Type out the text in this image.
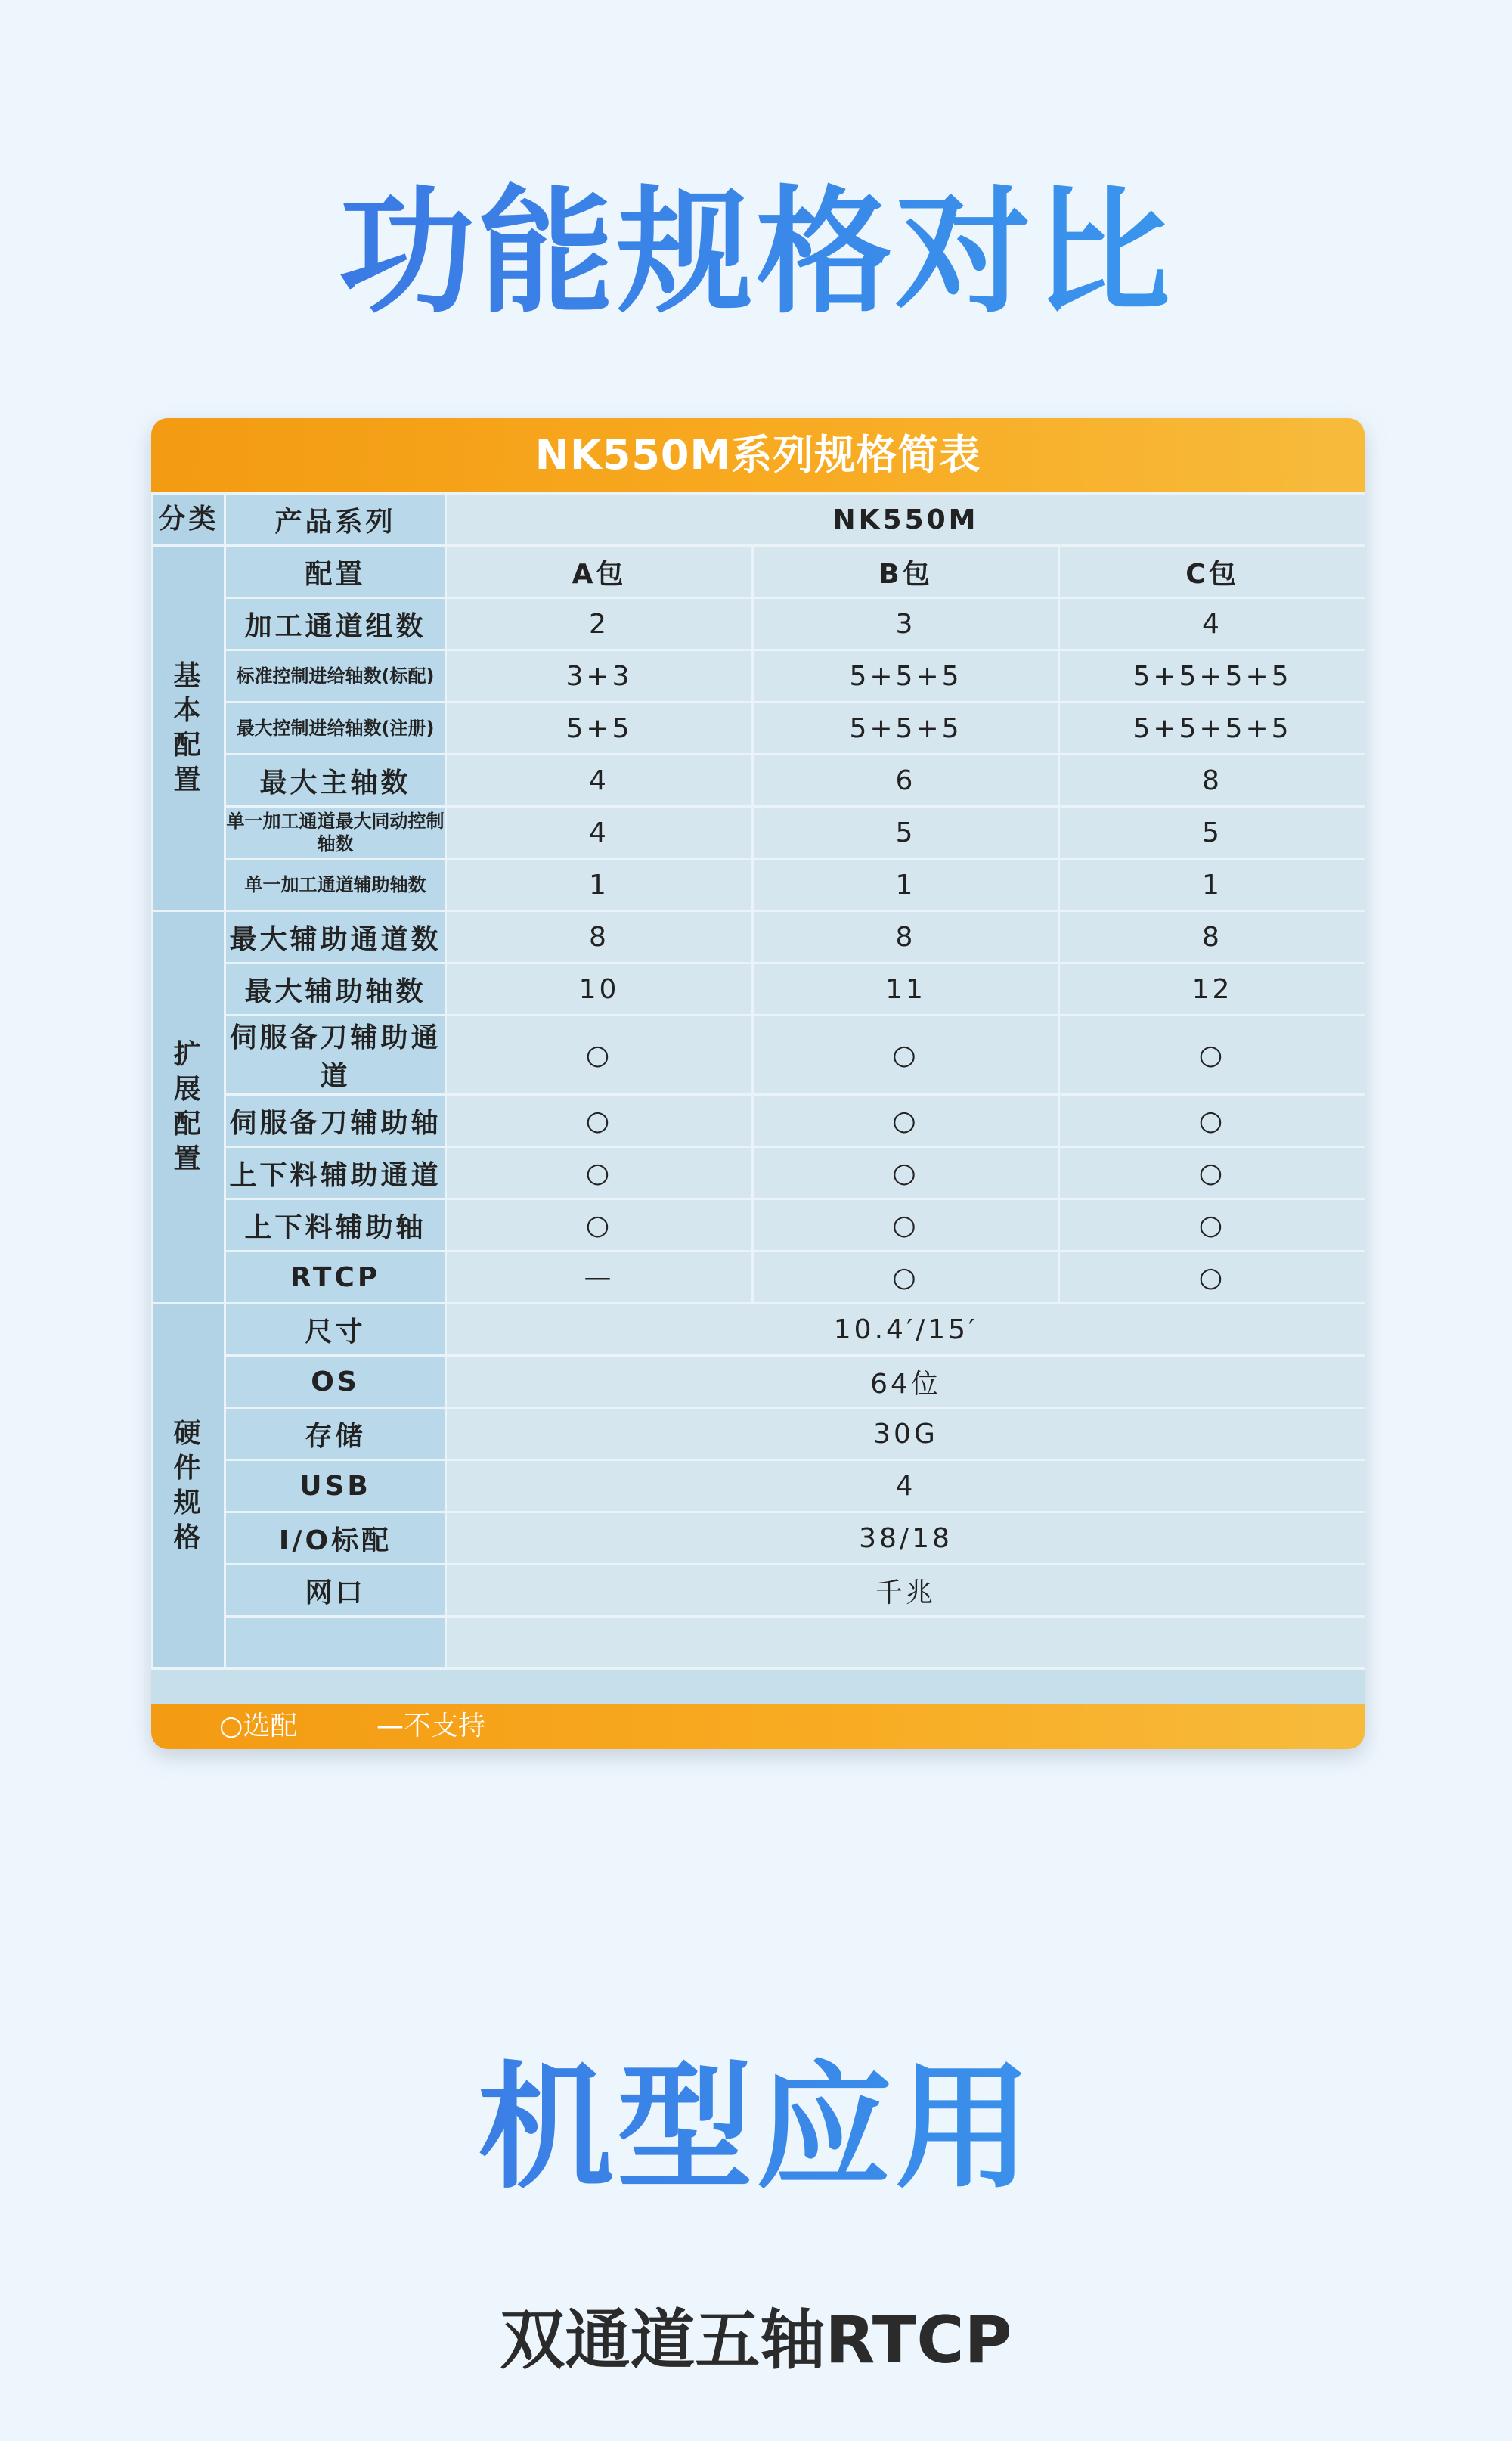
功能规格对比
NK550M系列规格简表
分类	产品系列	NK550M		
基本配置	配置	A包	B包	C包
	加工通道组数	2	3	4
	标准控制进给轴数(标配)	3+3	5+5+5	5+5+5+5
	最大控制进给轴数(注册)	5+5	5+5+5	5+5+5+5
	最大主轴数	4	6	8
	单一加工通道最大同动控制轴数	4	5	5
	单一加工通道辅助轴数	1	1	1
扩展配置	最大辅助通道数	8	8	8
	最大辅助轴数	10	11	12
	伺服备刀辅助通道	○	○	○
	伺服备刀辅助轴	○	○	○
	上下料辅助通道	○	○	○
	上下料辅助轴	○	○	○
	RTCP	—	○	○
硬件规格	尺寸	10.4′/15′		
	OS	64位		
	存储	30G		
	USB	4		
	I/O标配	38/18		
	网口	千兆		

○选配	—不支持
机型应用
双通道五轴RTCP
